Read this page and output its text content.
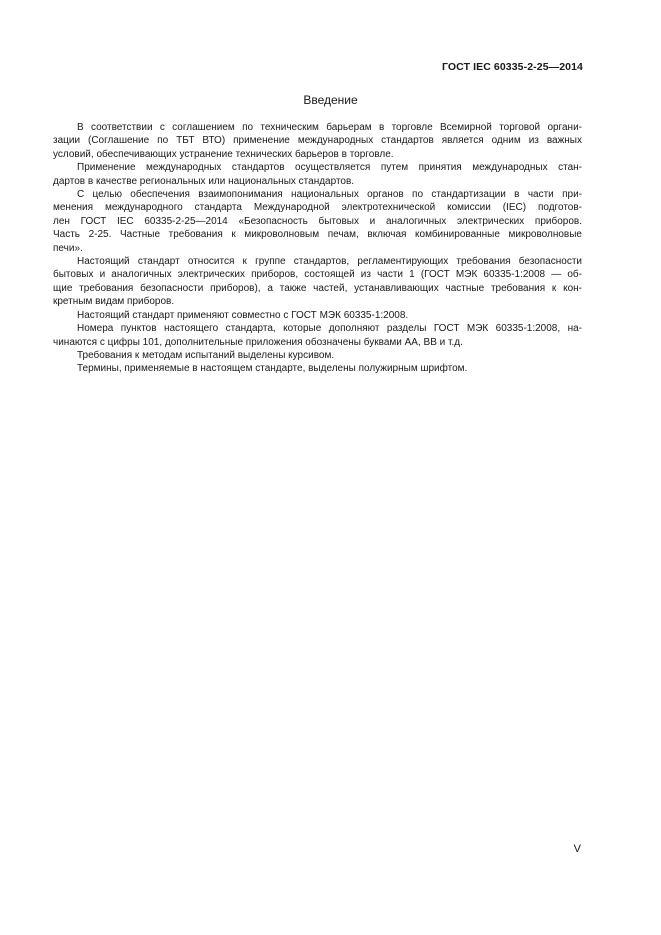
ГОСТ IEC 60335-2-25—2014
Введение
В соответствии с соглашением по техническим барьерам в торговле Всемирной торговой органи-
зации (Соглашение по ТБТ ВТО) применение международных стандартов является одним из важных
условий, обеспечивающих устранение технических барьеров в торговле.
Применение международных стандартов осуществляется путем принятия международных стан-
дартов в качестве региональных или национальных стандартов.
С целью обеспечения взаимопонимания национальных органов по стандартизации в части при-
менения международного стандарта Международной электротехнической комиссии (IEC) подготов-
лен ГОСТ IEC 60335-2-25—2014 «Безопасность бытовых и аналогичных электрических приборов.
Часть 2-25. Частные требования к микроволновым печам, включая комбинированные микроволновые
печи».
Настоящий стандарт относится к группе стандартов, регламентирующих требования безопасности
бытовых и аналогичных электрических приборов, состоящей из части 1 (ГОСТ МЭК 60335-1:2008 — об-
щие требования безопасности приборов), а также частей, устанавливающих частные требования к кон-
кретным видам приборов.
Настоящий стандарт применяют совместно с ГОСТ МЭК 60335-1:2008.
Номера пунктов настоящего стандарта, которые дополняют разделы ГОСТ МЭК 60335-1:2008, на-
чинаются с цифры 101, дополнительные приложения обозначены буквами АА, ВВ и т.д.
Требования к методам испытаний выделены курсивом.
Термины, применяемые в настоящем стандарте, выделены полужирным шрифтом.
V
